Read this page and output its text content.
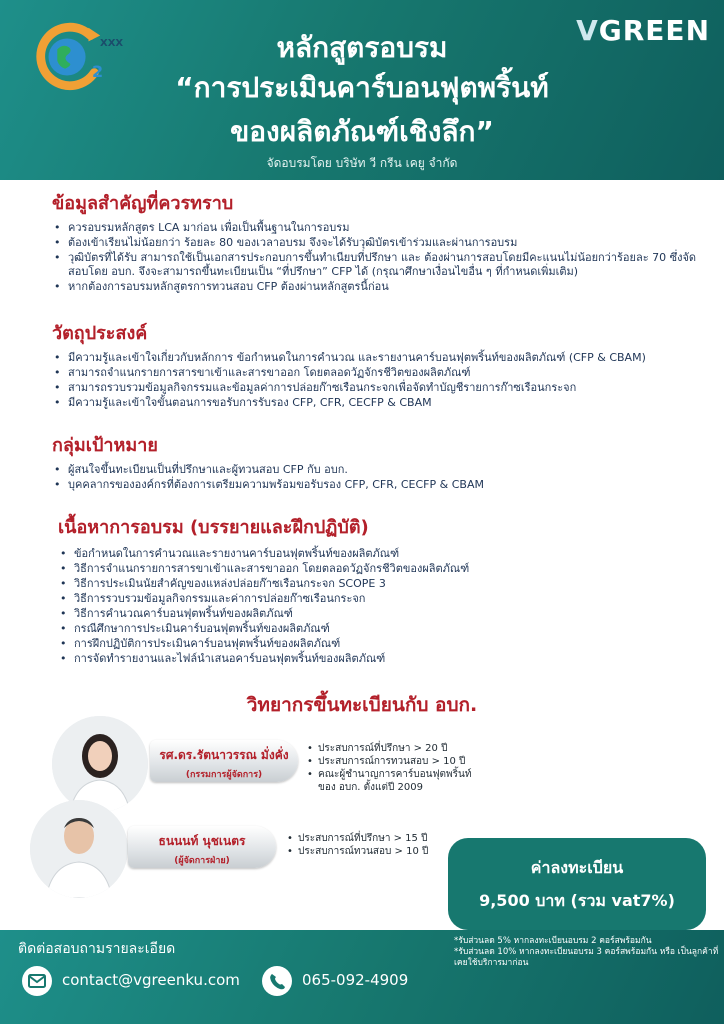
XXX
2
VGREEN
หลักสูตรอบรม
“การประเมินคาร์บอนฟุตพริ้นท์
ของผลิตภัณฑ์เชิงลึก”
จัดอบรมโดย บริษัท วี กรีน เคยู จำกัด
ข้อมูลสำคัญที่ควรทราบ
• ควรอบรมหลักสูตร LCA มาก่อน เพื่อเป็นพื้นฐานในการอบรม
• ต้องเข้าเรียนไม่น้อยกว่า ร้อยละ 80 ของเวลาอบรม จึงจะได้รับวุฒิบัตรเข้าร่วมและผ่านการอบรม
• วุฒิบัตรที่ได้รับ สามารถใช้เป็นเอกสารประกอบการขึ้นทำเนียบที่ปรึกษา และ ต้องผ่านการสอบโดยมีคะแนนไม่น้อยกว่าร้อยละ 70 ซึ่งจัดสอบโดย อบก. จึงจะสามารถขึ้นทะเบียนเป็น “ที่ปรึกษา” CFP ได้ (กรุณาศึกษาเงื่อนไขอื่น ๆ ที่กำหนดเพิ่มเติม)
• หากต้องการอบรมหลักสูตรการทวนสอบ CFP ต้องผ่านหลักสูตรนี้ก่อน
วัตถุประสงค์
• มีความรู้และเข้าใจเกี่ยวกับหลักการ ข้อกำหนดในการคำนวณ และรายงานคาร์บอนฟุตพริ้นท์ของผลิตภัณฑ์ (CFP & CBAM)
• สามารถจำแนกรายการสารขาเข้าและสารขาออก โดยตลอดวัฏจักรชีวิตของผลิตภัณฑ์
• สามารถรวบรวมข้อมูลกิจกรรมและข้อมูลค่าการปล่อยก๊าซเรือนกระจกเพื่อจัดทำบัญชีรายการก๊าซเรือนกระจก
• มีความรู้และเข้าใจขั้นตอนการขอรับการรับรอง CFP, CFR, CECFP & CBAM
กลุ่มเป้าหมาย
• ผู้สนใจขึ้นทะเบียนเป็นที่ปรึกษาและผู้ทวนสอบ CFP กับ อบก.
• บุคคลากรขององค์กรที่ต้องการเตรียมความพร้อมขอรับรอง CFP, CFR, CECFP & CBAM
เนื้อหาการอบรม (บรรยายและฝึกปฏิบัติ)
• ข้อกำหนดในการคำนวณและรายงานคาร์บอนฟุตพริ้นท์ของผลิตภัณฑ์
• วิธีการจำแนกรายการสารขาเข้าและสารขาออก โดยตลอดวัฏจักรชีวิตของผลิตภัณฑ์
• วิธีการประเมินนัยสำคัญของแหล่งปล่อยก๊าซเรือนกระจก SCOPE 3
• วิธีการรวบรวมข้อมูลกิจกรรมและค่าการปล่อยก๊าซเรือนกระจก
• วิธีการคำนวณคาร์บอนฟุตพริ้นท์ของผลิตภัณฑ์
• กรณีศึกษาการประเมินคาร์บอนฟุตพริ้นท์ของผลิตภัณฑ์
• การฝึกปฏิบัติการประเมินคาร์บอนฟุตพริ้นท์ของผลิตภัณฑ์
• การจัดทำรายงานและไฟล์นำเสนอคาร์บอนฟุตพริ้นท์ของผลิตภัณฑ์
วิทยากรขึ้นทะเบียนกับ อบก.
รศ.ดร.รัตนาวรรณ มั่งคั่ง
(กรรมการผู้จัดการ)
• ประสบการณ์ที่ปรึกษา > 20 ปี
• ประสบการณ์การทวนสอบ > 10 ปี
• คณะผู้ชำนาญการคาร์บอนฟุตพริ้นท์ของ อบก. ตั้งแต่ปี 2009
ธนนนท์ นุชเนตร
(ผู้จัดการฝ่าย)
• ประสบการณ์ที่ปรึกษา > 15 ปี
• ประสบการณ์ทวนสอบ > 10 ปี
ค่าลงทะเบียน
9,500 บาท (รวม vat7%)
ติดต่อสอบถามรายละเอียด
contact@vgreenku.com	065-092-4909
*รับส่วนลด 5% หากลงทะเบียนอบรม 2 คอร์สพร้อมกัน
*รับส่วนลด 10% หากลงทะเบียนอบรม 3 คอร์สพร้อมกัน หรือ เป็นลูกค้าที่เคยใช้บริการมาก่อน
